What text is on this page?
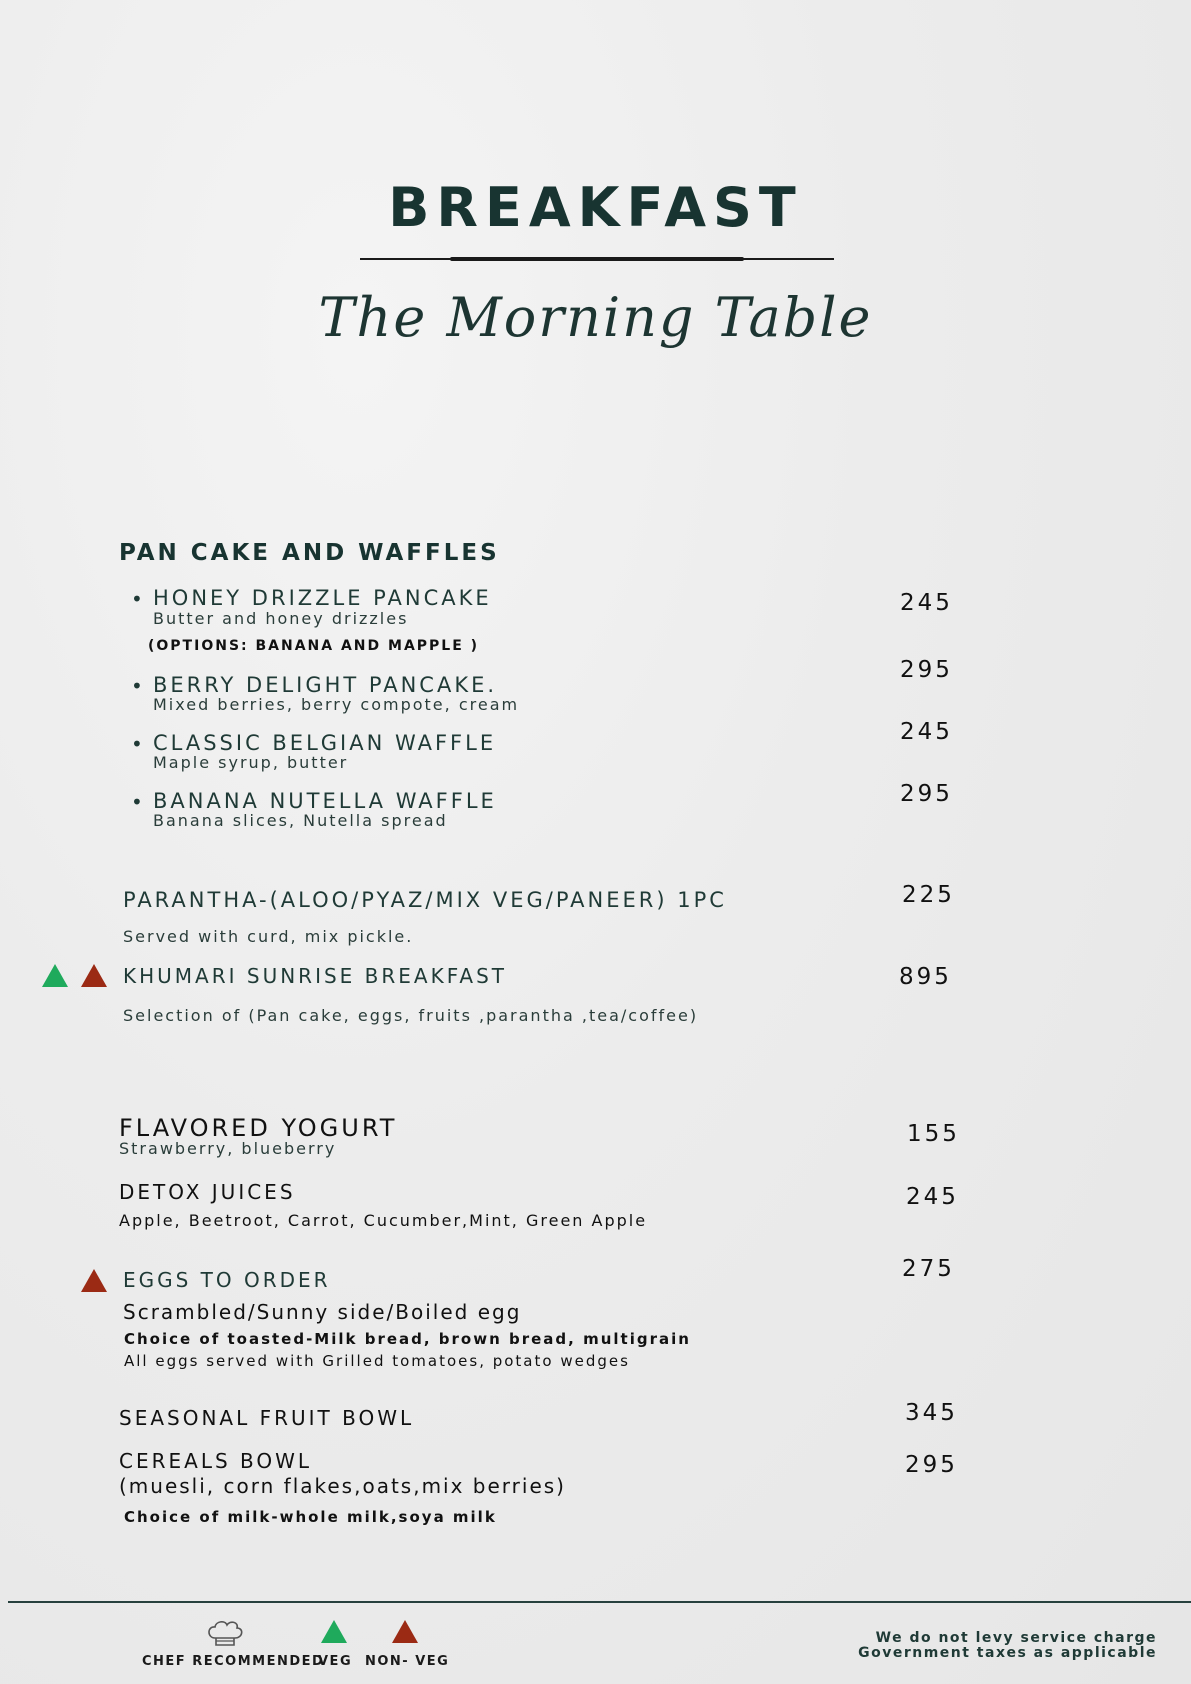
BREAKFAST
The Morning Table
PAN CAKE AND WAFFLES
• HONEY DRIZZLE PANCAKE
Butter and honey drizzles
(OPTIONS: BANANA AND MAPPLE )
245
• BERRY DELIGHT PANCAKE.
Mixed berries, berry compote, cream
295
• CLASSIC BELGIAN WAFFLE
Maple syrup, butter
245
• BANANA NUTELLA WAFFLE
Banana slices, Nutella spread
295
PARANTHA-(ALOO/PYAZ/MIX VEG/PANEER) 1PC
Served with curd, mix pickle.
225
KHUMARI SUNRISE BREAKFAST
Selection of (Pan cake, eggs, fruits ,parantha ,tea/coffee)
895
FLAVORED YOGURT
Strawberry, blueberry
155
DETOX JUICES
Apple, Beetroot, Carrot, Cucumber,Mint, Green Apple
245
EGGS TO ORDER
Scrambled/Sunny side/Boiled egg
Choice of toasted-Milk bread, brown bread, multigrain
All eggs served with Grilled tomatoes, potato wedges
275
SEASONAL FRUIT BOWL	345
CEREALS BOWL
(muesli, corn flakes,oats,mix berries)
Choice of milk-whole milk,soya milk
295
CHEF RECOMMENDED
VEG NON- VEG
We do not levy service charge
Government taxes as applicable
